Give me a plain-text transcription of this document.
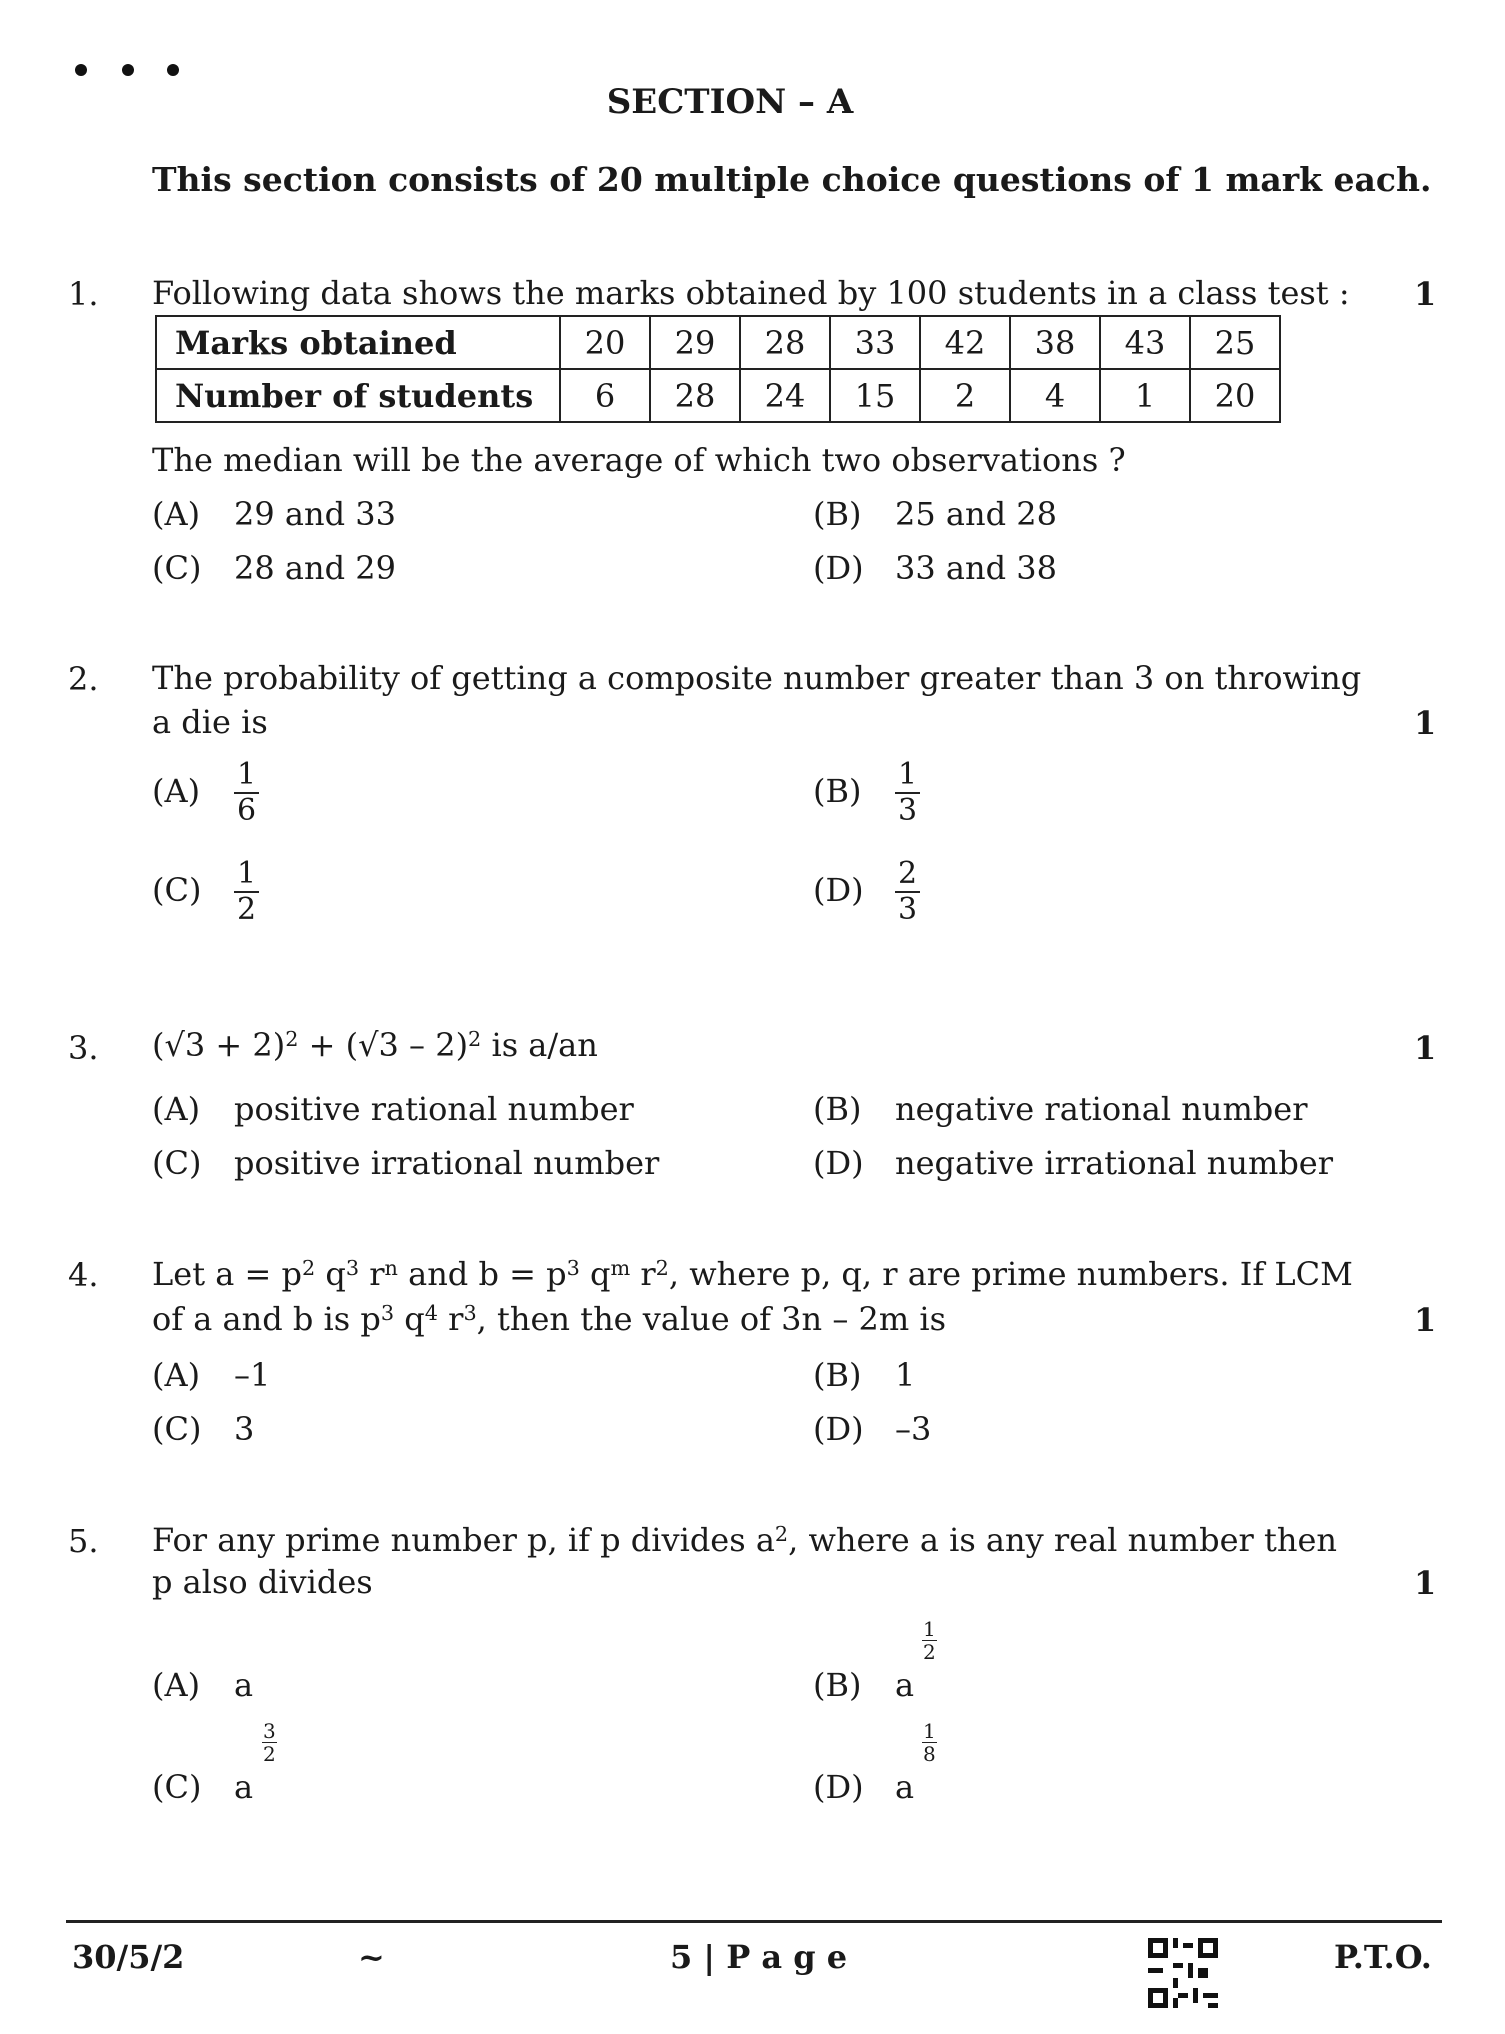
SECTION – A
This section consists of 20 multiple choice questions of 1 mark each.
1. Following data shows the marks obtained by 100 students in a class test : 1
Marks obtained	20	29	28	33	42	38	43	25
Number of students	6	28	24	15	2	4	1	20
The median will be the average of which two observations ?
(A) 29 and 33	(B) 25 and 28
(C) 28 and 29	(D) 33 and 38
2. The probability of getting a composite number greater than 3 on throwing
a die is	1
$(A) \frac{1}{6}$	$(B) \frac{1}{3}$
$(C) \frac{1}{2}$	$(D) \frac{2}{3}$
3. $(√3 + 2)^2 + (√3 - 2)^2$ is a/an	1
(A) positive rational number	(B) negative rational number
(C) positive irrational number	(D) negative irrational number
4. Let $a = p^2$ $q^3$ $r^n$ and $b = p^3$ $q^m$ $r^2$, where p, q, r are prime numbers. If LCM
of a and b is $p^3$ $q^4$ $r^3$, then the value of 3n – 2m is	1
(A) –1	(B) 1
(C) 3	(D) –3
5. For any prime number p, if p divides $a^2$, where a is any real number then
p also divides	1
(A) a	(B) a
$\frac{1}{2}$
(C) a
$\frac{3}{2}$
(D) a
$\frac{1}{8}$
30/5/2	~	5 | P a g e	P.T.O.
